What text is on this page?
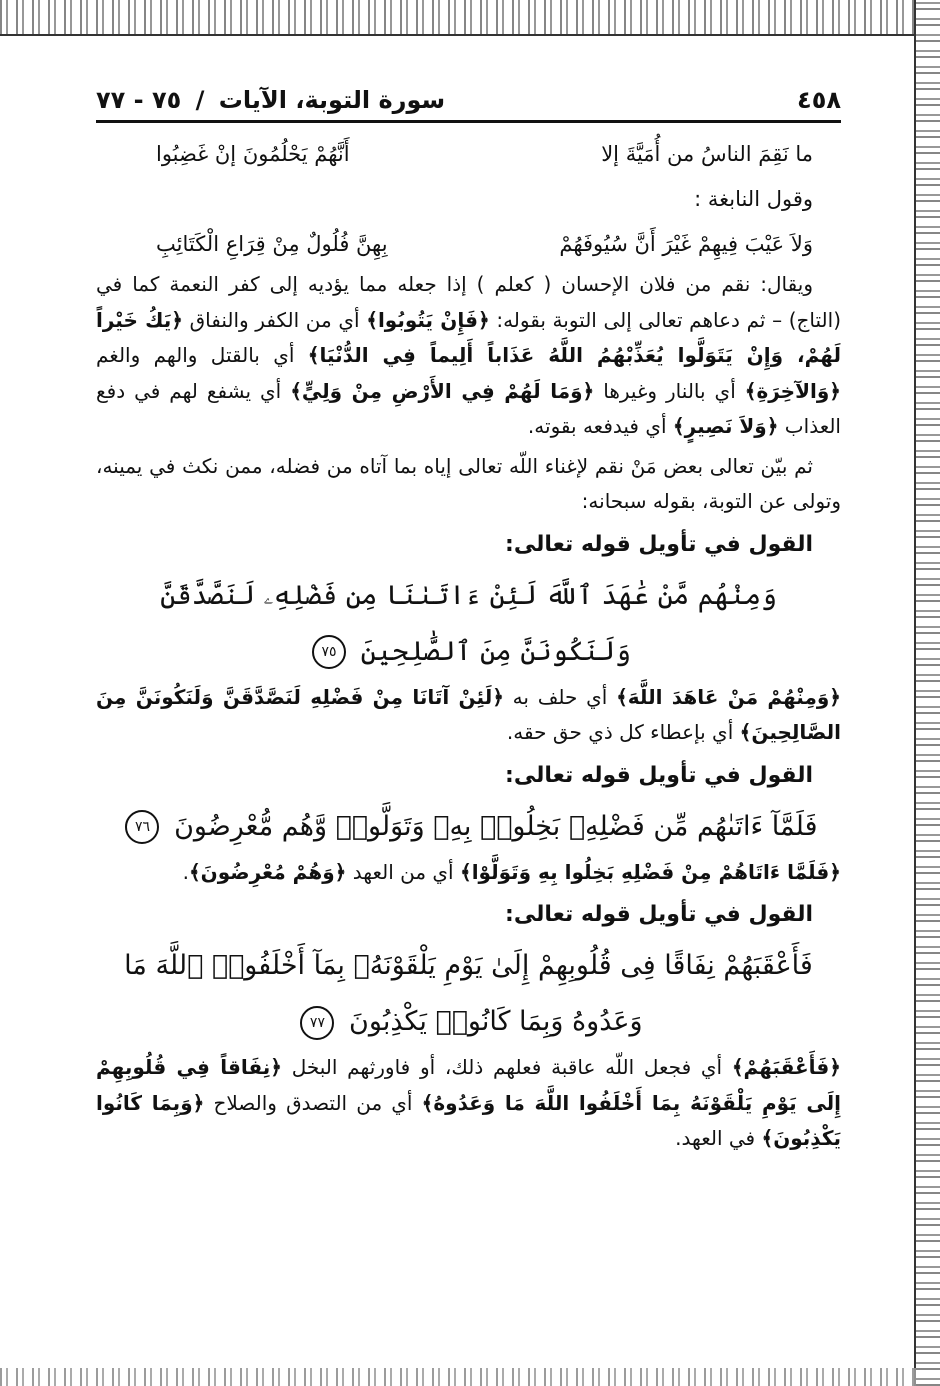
٤٥٨
سورة التوبة، الآيات / ٧٥ - ٧٧
ما نَقِمَ الناسُ من أُمَيَّةَ إلا
أَنَّهُمْ يَحْلُمُونَ إنْ غَضِبُوا
وقول النابغة :
وَلاَ عَيْبَ فِيهِمْ غَيْرَ أَنَّ سُيُوفَهُمْ
بِهِنَّ فُلُولٌ مِنْ قِرَاعِ الْكَتَائِبِ

ويقال: نقم من فلان الإحسان ( كعلم ) إذا جعله مما يؤديه إلى كفر النعمة كما في (التاج) – ثم دعاهم تعالى إلى التوبة بقوله: ﴿فَإِنْ يَتُوبُوا﴾ أي من الكفر والنفاق ﴿يَكُ خَيْراً لَهُمْ، وَإِنْ يَتَوَلَّوا يُعَذِّبْهُمُ اللَّهُ عَذَاباً أَلِيماً فِي الدُّنْيَا﴾ أي بالقتل والهم والغم ﴿وَالآخِرَةِ﴾ أي بالنار وغيرها ﴿وَمَا لَهُمْ فِي الأَرْضِ مِنْ وَلِيٍّ﴾ أي يشفع لهم في دفع العذاب ﴿وَلاَ نَصِيرٍ﴾ أي فيدفعه بقوته.

ثم بيّن تعالى بعض مَنْ نقم لإغناء اللّه تعالى إياه بما آتاه من فضله، ممن نكث في يمينه، وتولى عن التوبة، بقوله سبحانه:

القول في تأويل قوله تعالى:
وَمِنْهُم مَّنْ عَٰهَدَ ٱللَّهَ لَئِنْ ءَاتَىٰنَا مِن فَضْلِهِۦ لَنَصَّدَّقَنَّ وَلَنَكُونَنَّ مِنَ ٱلصَّٰلِحِينَ ٧٥

﴿وَمِنْهُمْ مَنْ عَاهَدَ اللَّهَ﴾ أي حلف به ﴿لَئِنْ آتَانَا مِنْ فَضْلِهِ لَنَصَّدَّقَنَّ وَلَنَكُونَنَّ مِنَ الصَّالِحِينَ﴾ أي بإعطاء كل ذي حق حقه.

القول في تأويل قوله تعالى:
فَلَمَّآ ءَاتَىٰهُم مِّن فَضْلِهِۦ بَخِلُوا۟ بِهِۦ وَتَوَلَّوا۟ وَّهُم مُّعْرِضُونَ ٧٦

﴿فَلَمَّا ءَاتَاهُمْ مِنْ فَضْلِهِ بَخِلُوا بِهِ وَتَوَلَّوْا﴾ أي من العهد ﴿وَهُمْ مُعْرِضُونَ﴾.

القول في تأويل قوله تعالى:
فَأَعْقَبَهُمْ نِفَاقًا فِى قُلُوبِهِمْ إِلَىٰ يَوْمِ يَلْقَوْنَهُۥ بِمَآ أَخْلَفُوا۟ ٱللَّهَ مَا وَعَدُوهُ وَبِمَا كَانُوا۟ يَكْذِبُونَ ٧٧

﴿فَأَعْقَبَهُمْ﴾ أي فجعل اللّه عاقبة فعلهم ذلك، أو فاورثهم البخل ﴿نِفَاقاً فِي قُلُوبِهِمْ إِلَى يَوْمِ يَلْقَوْنَهُ بِمَا أَخْلَفُوا اللَّهَ مَا وَعَدُوهُ﴾ أي من التصدق والصلاح ﴿وَبِمَا كَانُوا يَكْذِبُونَ﴾ في العهد.
